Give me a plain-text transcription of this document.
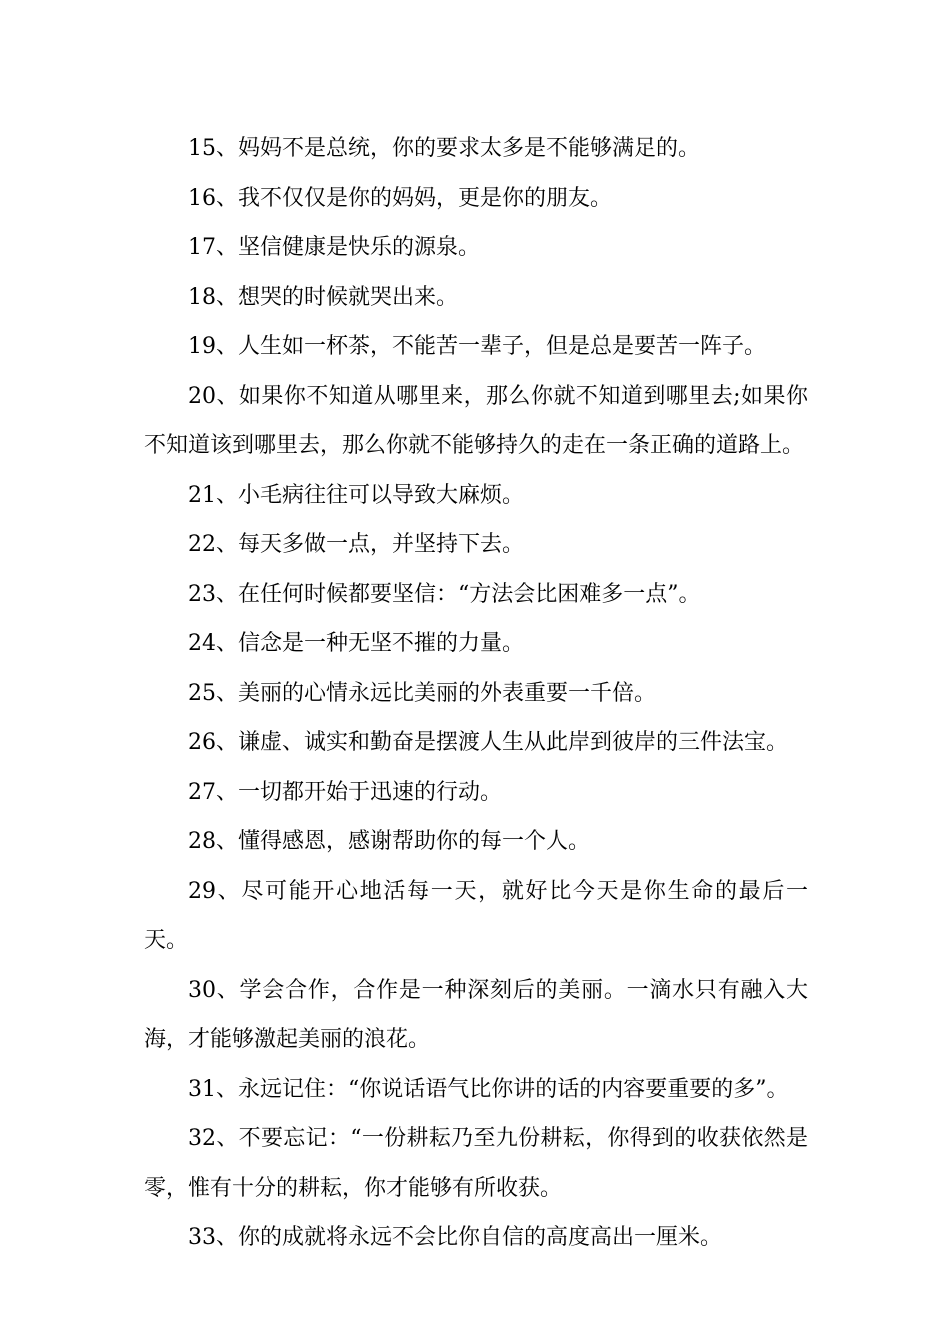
15、妈妈不是总统，你的要求太多是不能够满足的。

16、我不仅仅是你的妈妈，更是你的朋友。

17、坚信健康是快乐的源泉。

18、想哭的时候就哭出来。

19、人生如一杯茶，不能苦一辈子，但是总是要苦一阵子。

20、如果你不知道从哪里来，那么你就不知道到哪里去;如果你不知道该到哪里去，那么你就不能够持久的走在一条正确的道路上。

21、小毛病往往可以导致大麻烦。

22、每天多做一点，并坚持下去。

23、在任何时候都要坚信：“方法会比困难多一点”。

24、信念是一种无坚不摧的力量。

25、美丽的心情永远比美丽的外表重要一千倍。

26、谦虚、诚实和勤奋是摆渡人生从此岸到彼岸的三件法宝。

27、一切都开始于迅速的行动。

28、懂得感恩，感谢帮助你的每一个人。

29、尽可能开心地活每一天，就好比今天是你生命的最后一天。

30、学会合作，合作是一种深刻后的美丽。一滴水只有融入大海，才能够激起美丽的浪花。

31、永远记住：“你说话语气比你讲的话的内容要重要的多”。

32、不要忘记：“一份耕耘乃至九份耕耘，你得到的收获依然是零，惟有十分的耕耘，你才能够有所收获。

33、你的成就将永远不会比你自信的高度高出一厘米。
